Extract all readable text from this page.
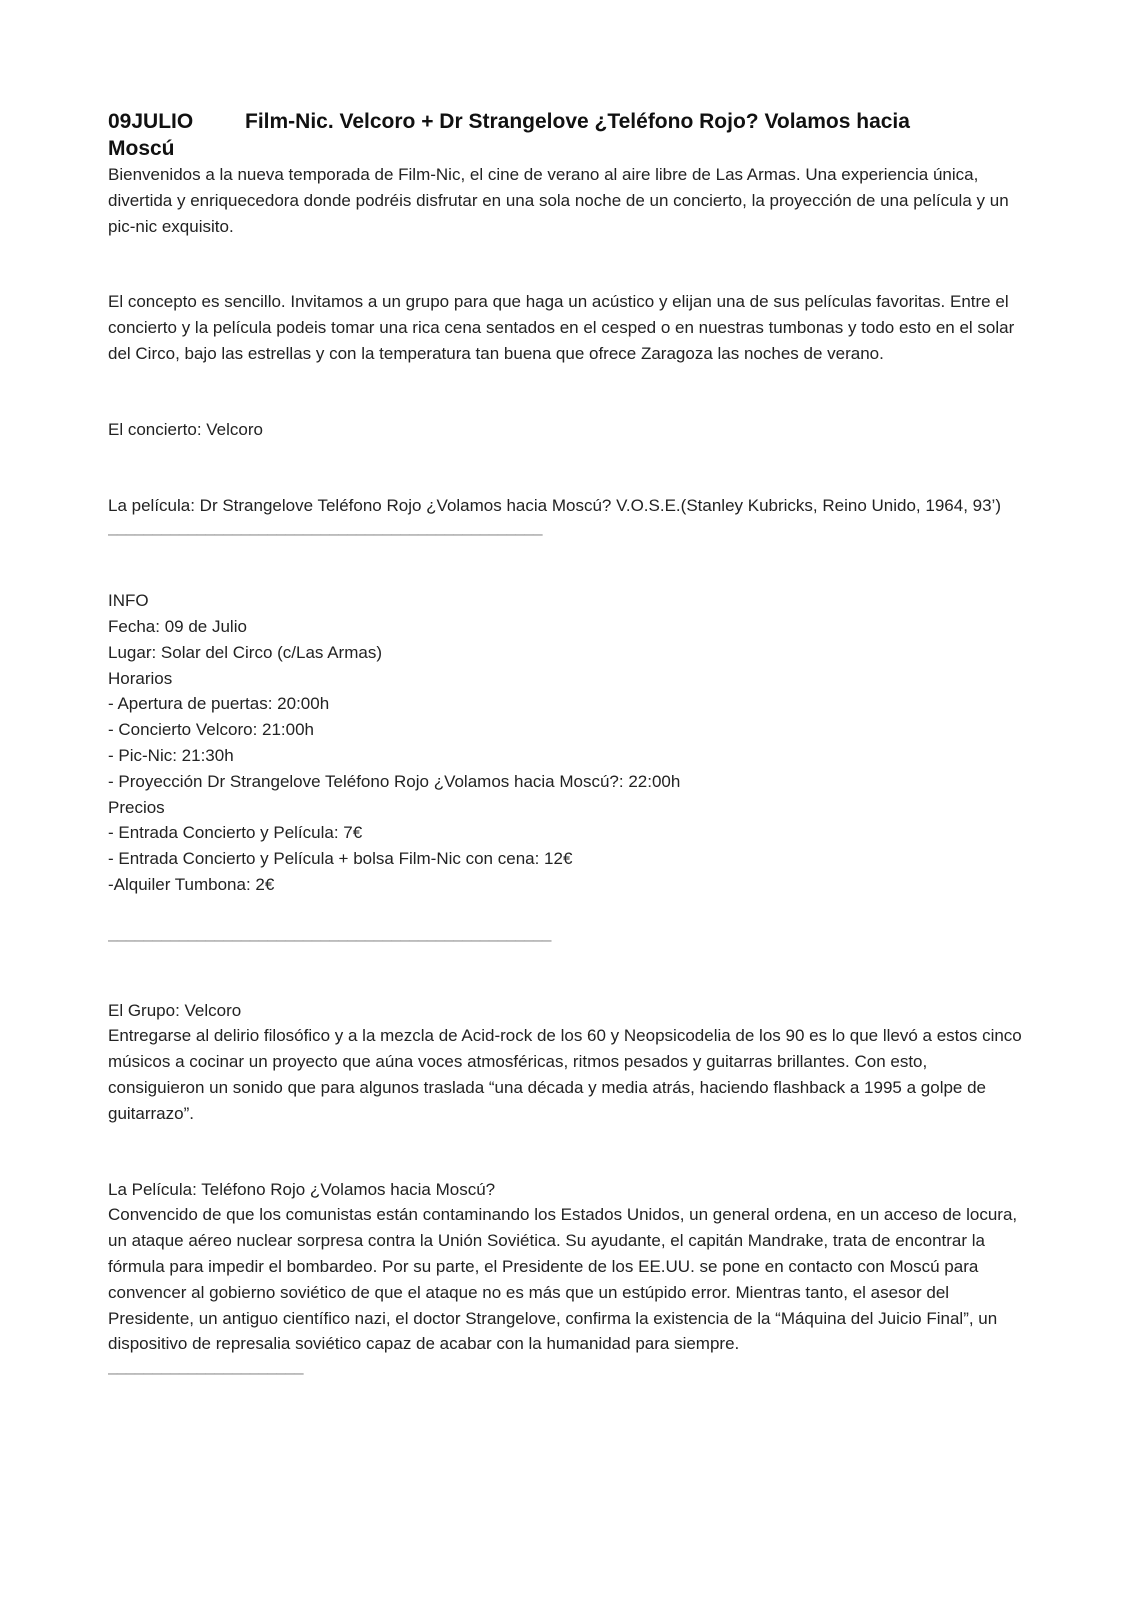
09JULIO Film-Nic. Velcoro + Dr Strangelove ¿Teléfono Rojo? Volamos hacia
Moscú

Bienvenidos a la nueva temporada de Film-Nic, el cine de verano al aire libre de Las Armas. Una experiencia única, divertida y enriquecedora donde podréis disfrutar en una sola noche de un concierto, la proyección de una película y un pic-nic exquisito.

El concepto es sencillo. Invitamos a un grupo para que haga un acústico y elijan una de sus películas favoritas. Entre el concierto y la película podeis tomar una rica cena sentados en el cesped o en nuestras tumbonas y todo esto en el solar del Circo, bajo las estrellas y con la temperatura tan buena que ofrece Zaragoza las noches de verano.

El concierto: Velcoro

La película: Dr Strangelove Teléfono Rojo ¿Volamos hacia Moscú? V.O.S.E.(Stanley Kubricks, Reino Unido, 1964, 93’)

_________________________________________________
INFO
Fecha: 09 de Julio
Lugar: Solar del Circo (c/Las Armas)
Horarios
- Apertura de puertas: 20:00h
- Concierto Velcoro: 21:00h
- Pic-Nic: 21:30h
- Proyección Dr Strangelove Teléfono Rojo ¿Volamos hacia Moscú?: 22:00h
Precios
- Entrada Concierto y Película: 7€
- Entrada Concierto y Película + bolsa Film-Nic con cena: 12€
-Alquiler Tumbona: 2€
__________________________________________________
El Grupo: Velcoro

Entregarse al delirio filosófico y a la mezcla de Acid-rock de los 60 y Neopsicodelia de los 90 es lo que llevó a estos cinco músicos a cocinar un proyecto que aúna voces atmosféricas, ritmos pesados y guitarras brillantes. Con esto, consiguieron un sonido que para algunos traslada “una década y media atrás, haciendo flashback a 1995 a golpe de guitarrazo”.

La Película: Teléfono Rojo ¿Volamos hacia Moscú?

Convencido de que los comunistas están contaminando los Estados Unidos, un general ordena, en un acceso de locura, un ataque aéreo nuclear sorpresa contra la Unión Soviética. Su ayudante, el capitán Mandrake, trata de encontrar la fórmula para impedir el bombardeo. Por su parte, el Presidente de los EE.UU. se pone en contacto con Moscú para convencer al gobierno soviético de que el ataque no es más que un estúpido error. Mientras tanto, el asesor del Presidente, un antiguo científico nazi, el doctor Strangelove, confirma la existencia de la “Máquina del Juicio Final”, un dispositivo de represalia soviético capaz de acabar con la humanidad para siempre.

______________________
